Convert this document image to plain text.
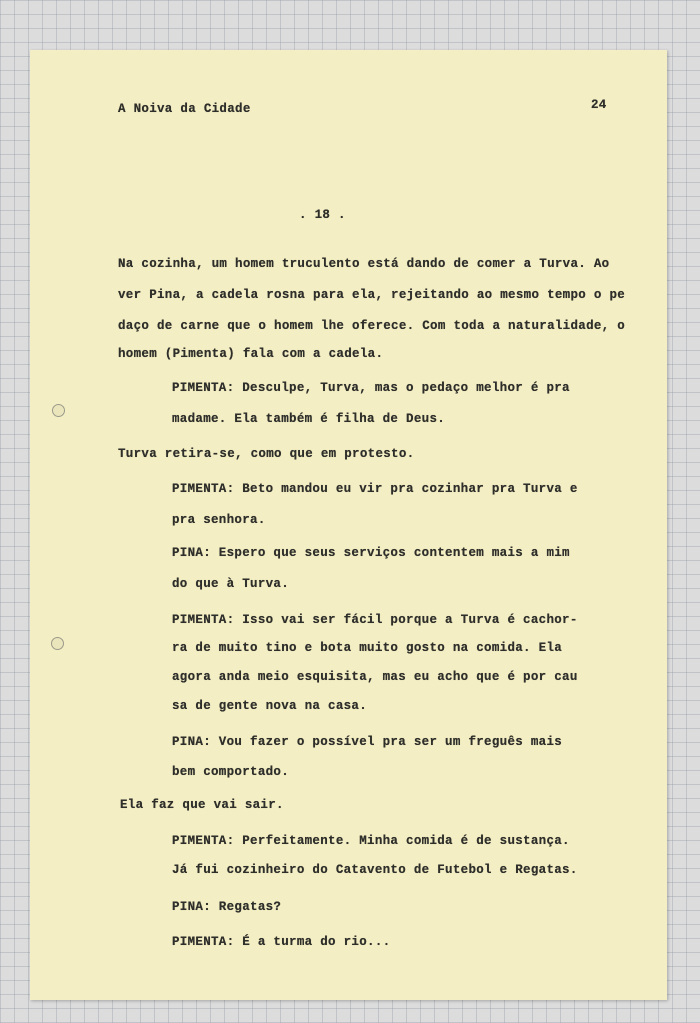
A Noiva da Cidade	24
. 18 .
Na cozinha, um homem truculento está dando de comer a Turva. Ao
ver Pina, a cadela rosna para ela, rejeitando ao mesmo tempo o pe
daço de carne que o homem lhe oferece. Com toda a naturalidade, o
homem (Pimenta) fala com a cadela.
PIMENTA: Desculpe, Turva, mas o pedaço melhor é pra
madame. Ela também é filha de Deus.
Turva retira-se, como que em protesto.
PIMENTA: Beto mandou eu vir pra cozinhar pra Turva e
pra senhora.
PINA: Espero que seus serviços contentem mais a mim
do que à Turva.
PIMENTA: Isso vai ser fácil porque a Turva é cachor-
ra de muito tino e bota muito gosto na comida. Ela
agora anda meio esquisita, mas eu acho que é por cau
sa de gente nova na casa.
PINA: Vou fazer o possível pra ser um freguês mais
bem comportado.
Ela faz que vai sair.
PIMENTA: Perfeitamente. Minha comida é de sustança.
Já fui cozinheiro do Catavento de Futebol e Regatas.
PINA: Regatas?
PIMENTA: É a turma do rio...
